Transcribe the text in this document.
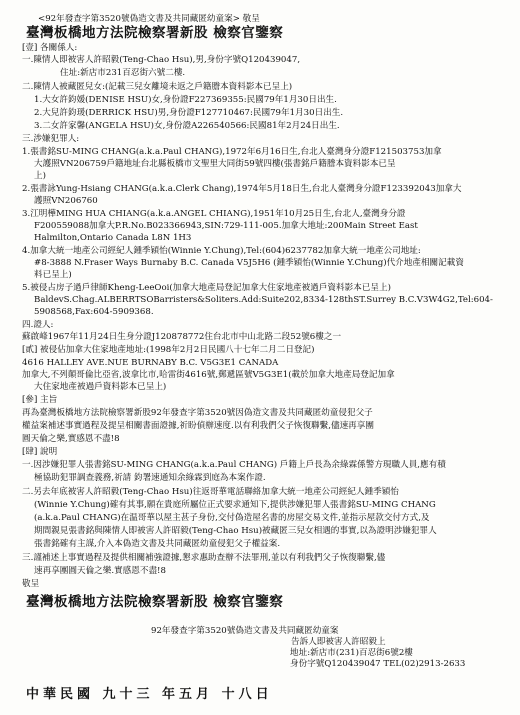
<92年發查字第3520號偽造文書及共同藏匿幼童案> 敬呈
臺灣板橋地方法院檢察署新股 檢察官鑒察
[壹] 各關係人:
一.陳情人即被害人許昭毅(Teng-Chao Hsu),男,身份字號Q120439047,
住址:新店市231百忍街六號二樓.
二.陳情人被藏匿兒女:(記載三兒女離境未返之戶籍謄本資料影本已呈上)
1.大女許鈞媛(DENISE HSU)女,身份證F227369355:民國79年1月30日出生.
2.大兒許鈞瑗(DERRICK HSU)男,身份證F127710467:民國79年1月30日出生.
3.二女許家馨(ANGELA HSU)女,身份證A226540566:民國81年2月24日出生.
三.涉嫌犯罪人:
1.張書銘SU-MING CHANG(a.k.a.Paul CHANG),1972年6月16日生,台北人臺灣身分證F121503753加拿
大護照VN206759戶籍地址台北縣板橋市文聖里大同街59號四樓(張書銘戶籍謄本資料影本已呈
上)
2.張書詠Yung-Hsiang CHANG(a.k.a.Clerk Chang),1974年5月18日生,台北人臺灣身分證F123392043加拿大
護照VN206760
3.江明樺MING HUA CHIANG(a.k.a.ANGEL CHIANG),1951年10月25日生,台北人,臺灣身分證
F200559088加拿大P.R.No.B023366943,SIN:729-111-005.加拿大地址:200Main Street East
Halmilton,Ontario Canada L8N 1H3
4.加拿大統一地產公司經紀人鍾季穎怡(Winnie Y.Chung),Tel:(604)6237782加拿大統一地產公司地址:
#8-3888 N.Fraser Ways Burnaby B.C. Canada V5J5H6 (鍾季穎怡(Winnie Y.Chung)代介地產相關記載資
料已呈上)
5.被侵占房子過戶律師Kheng-LeeOoi(加拿大地產局登記加拿大住家地產被過戶資料影本已呈上)
BaldevS.Chag.ALBERRTSOBarristers&Soliters.Add:Suite202,8334-128thST.Surrey B.C.V3W4G2,Tel:604-
5908568,Fax:604-5909368.
四.證人:
蘇啟峰1967年11月24日生身分證J120878772住台北市中山北路二段52號6樓之一
[貳] 被侵佔加拿大住家地產地址:(1998年2月2日民國八十七年二月二日登記)
4616 HALLEY AVE.NUE BURNABY B.C. V5G3E1 CANADA
加拿大,不列顛哥倫比亞省,波拿比市,哈雷街4616號,郵遞區號V5G3E1(載於加拿大地產局登記加拿
大住家地產被過戶資料影本已呈上)
[參] 主旨
再為臺灣板橋地方法院檢察署新股92年發查字第3520號因偽造文書及共同藏匿幼童侵犯父子
權益案補述事實過程及提呈相關書面證據,祈盼偵辦速度.以有利我們父子恢復聯繫,儘速再享團
圓天倫之樂,實感恩不盡!8
[肆] 說明
一.因涉嫌犯罪人張書銘SU-MING CHANG(a.k.a.Paul CHANG) 戶籍上戶長為余綠霖係警方現職人員,應有積
極協助犯罪調查義務,祈請 鈞署速通知余綠霖到庭為本案作證.
二.另去年底被害人許昭毅(Teng-Chao Hsu)往返哥華電話聯絡加拿大統一地產公司經紀人鍾季穎怡
(Winnie Y.Chung)確有其事,願在貴庭所屬位正式要求通知下,提供涉嫌犯罪人張書銘SU-MING CHANG
(a.k.a.Paul CHANG)在温哥華以屋主甚子身份,交付偽造屋名書的房屋交易文件,並指示屋款交付方式,及
期間親見張書銘與陳情人即被害人許昭毅(Teng-Chao Hsu)被藏匿三兒女相遇的事實,以為證明涉嫌犯罪人
張書銘確有主謀,介入本偽造文書及共同藏匿幼童侵犯父子權益案.
三.謹補述上事實過程及提供相關補強證據,懇求惠助查辦不法罪刑,並以有利我們父子恢復聯繫,儘
速再享團圓天倫之樂.實感恩不盡!8
敬呈
臺灣板橋地方法院檢察署新股 檢察官鑒察
92年發查字第3520號偽造文書及共同藏匿幼童案
告訴人即被害人許昭毅上
地址:新店市(231)百忍街6號2樓
身份字號Q120439047 TEL(02)2913-2633
中華民國 九十三 年五月 十八日
